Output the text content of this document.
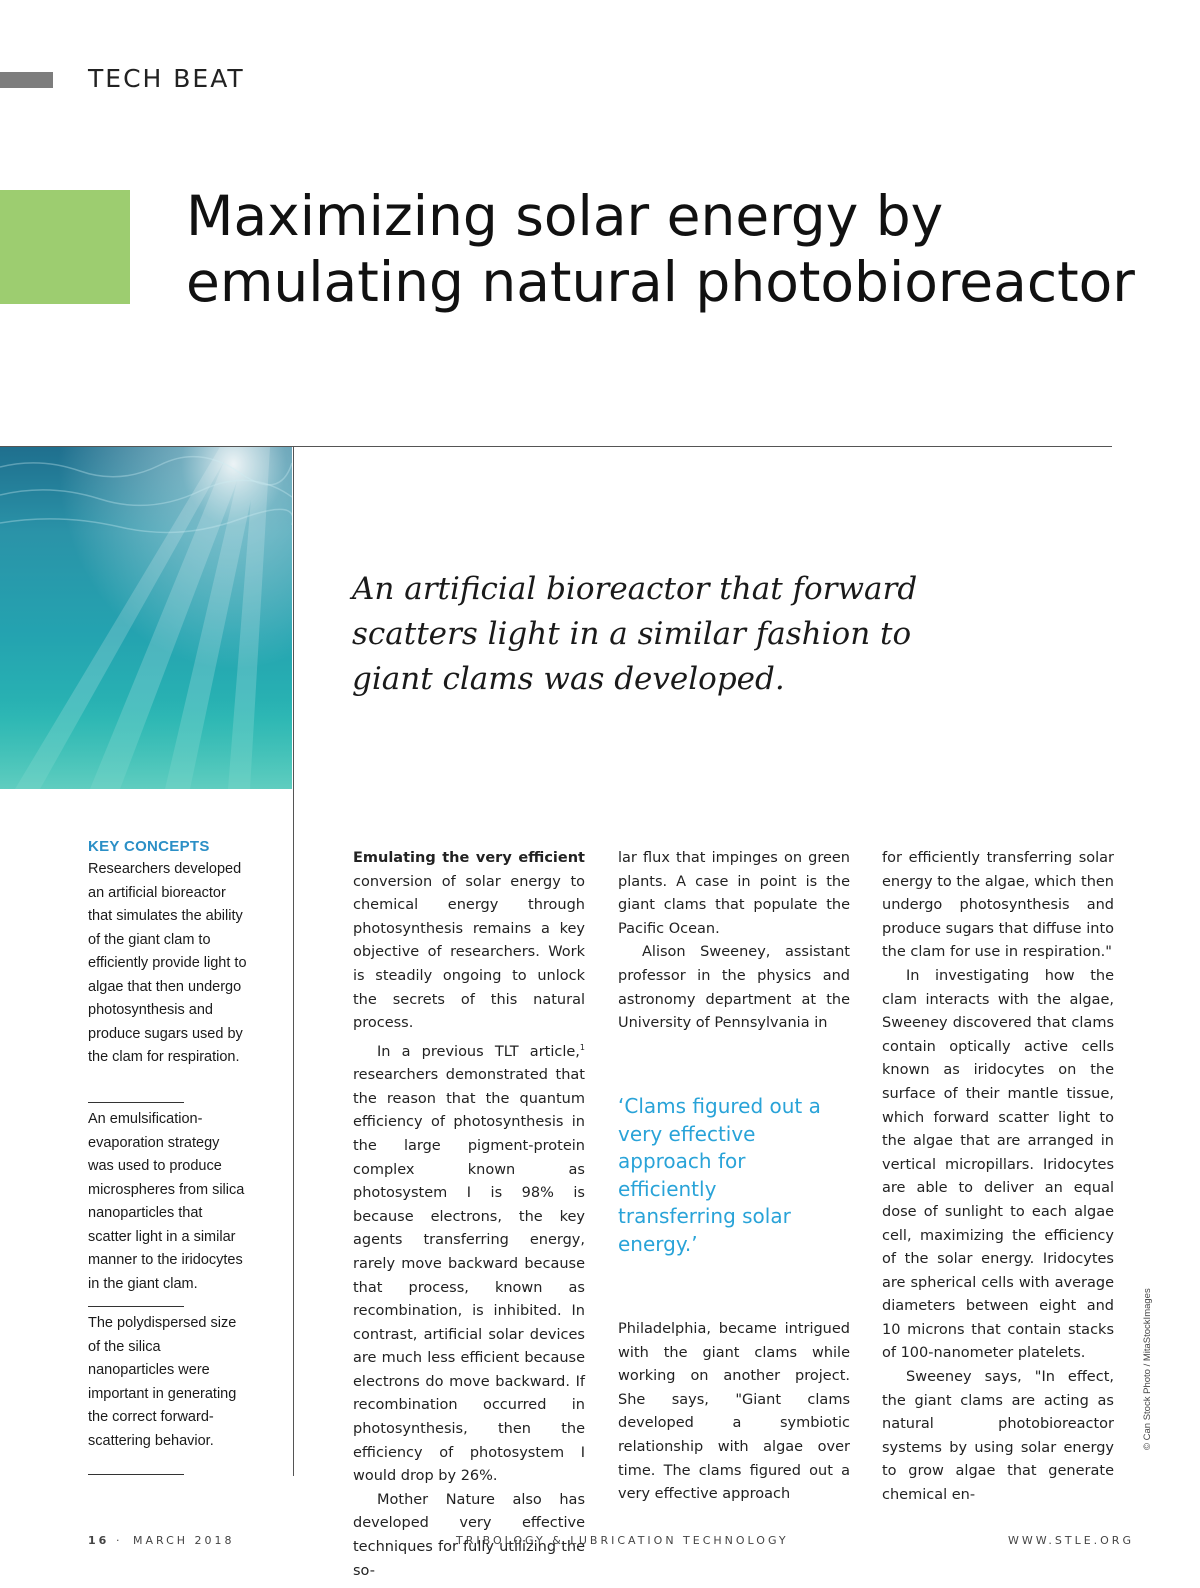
TECH BEAT
Maximizing solar energy by emulating natural photobioreactor
An artificial bioreactor that forward scatters light in a similar fashion to giant clams was developed.
KEY CONCEPTS
Researchers developed an artificial bioreactor that simulates the ability of the giant clam to efficiently provide light to algae that then undergo photosynthesis and produce sugars used by the clam for respiration.
An emulsification-evaporation strategy was used to produce microspheres from silica nanoparticles that scatter light in a similar manner to the iridocytes in the giant clam.
The polydispersed size of the silica nanoparticles were important in generating the correct forward-scattering behavior.

Emulating the very efficient conversion of solar energy to chemical energy through photosynthesis remains a key objective of researchers. Work is steadily ongoing to unlock the secrets of this natural process.

In a previous TLT article,$^1$ researchers demonstrated that the reason that the quantum efficiency of photosynthesis in the large pigment-protein complex known as photosystem I is 98% is because electrons, the key agents transferring energy, rarely move backward because that process, known as recombination, is inhibited. In contrast, artificial solar devices are much less efficient because electrons do move backward. If recombination occurred in photosynthesis, then the efficiency of photosystem I would drop by 26%.

Mother Nature also has developed very effective techniques for fully utilizing the so-

lar flux that impinges on green plants. A case in point is the giant clams that populate the Pacific Ocean.

Alison Sweeney, assistant professor in the physics and astronomy department at the University of Pennsylvania in

‘Clams figured out a very effective approach for efficiently transferring solar energy.’

Philadelphia, became intrigued with the giant clams while working on another project. She says, "Giant clams developed a symbiotic relationship with algae over time. The clams figured out a very effective approach

for efficiently transferring solar energy to the algae, which then undergo photosynthesis and produce sugars that diffuse into the clam for use in respiration."

In investigating how the clam interacts with the algae, Sweeney discovered that clams contain optically active cells known as iridocytes on the surface of their mantle tissue, which forward scatter light to the algae that are arranged in vertical micropillars. Iridocytes are able to deliver an equal dose of sunlight to each algae cell, maximizing the efficiency of the solar energy. Iridocytes are spherical cells with average diameters between eight and 10 microns that contain stacks of 100-nanometer platelets.

Sweeney says, "In effect, the giant clams are acting as natural photobioreactor systems by using solar energy to grow algae that generate chemical en-

© Can Stock Photo / MitaStockImages
16 · MARCH 2018	TRIBOLOGY & LUBRICATION TECHNOLOGY	WWW.STLE.ORG
